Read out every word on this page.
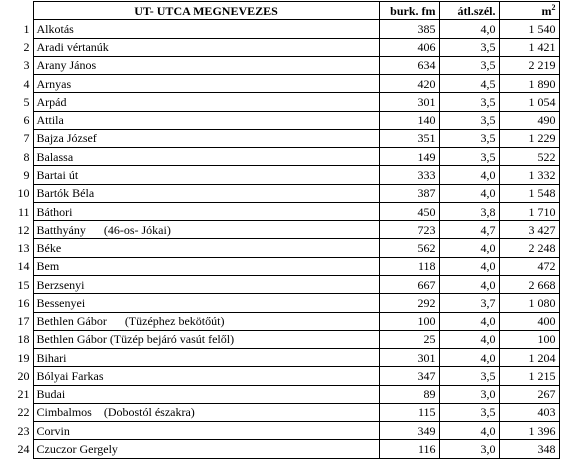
	UT- UTCA MEGNEVEZES	burk. fm	átl.szél.	$m^2$
1	Alkotás	385	4,0	1 540
2	Aradi vértanúk	406	3,5	1 421
3	Arany János	634	3,5	2 219
4	Arnyas	420	4,5	1 890
5	Arpád	301	3,5	1 054
6	Attila	140	3,5	490
7	Bajza József	351	3,5	1 229
8	Balassa	149	3,5	522
9	Bartai út	333	4,0	1 332
10	Bartók Béla	387	4,0	1 548
11	Báthori	450	3,8	1 710
12	Batthyány      (46-os- Jókai)	723	4,7	3 427
13	Béke	562	4,0	2 248
14	Bem	118	4,0	472
15	Berzsenyi	667	4,0	2 668
16	Bessenyei	292	3,7	1 080
17	Bethlen Gábor      (Tüzéphez bekötőút)	100	4,0	400
18	Bethlen Gábor (Tüzép bejáró vasút felől)	25	4,0	100
19	Bihari	301	4,0	1 204
20	Bólyai Farkas	347	3,5	1 215
21	Budai	89	3,0	267
22	Cimbalmos    (Dobostól északra)	115	3,5	403
23	Corvin	349	4,0	1 396
24	Czuczor Gergely	116	3,0	348
